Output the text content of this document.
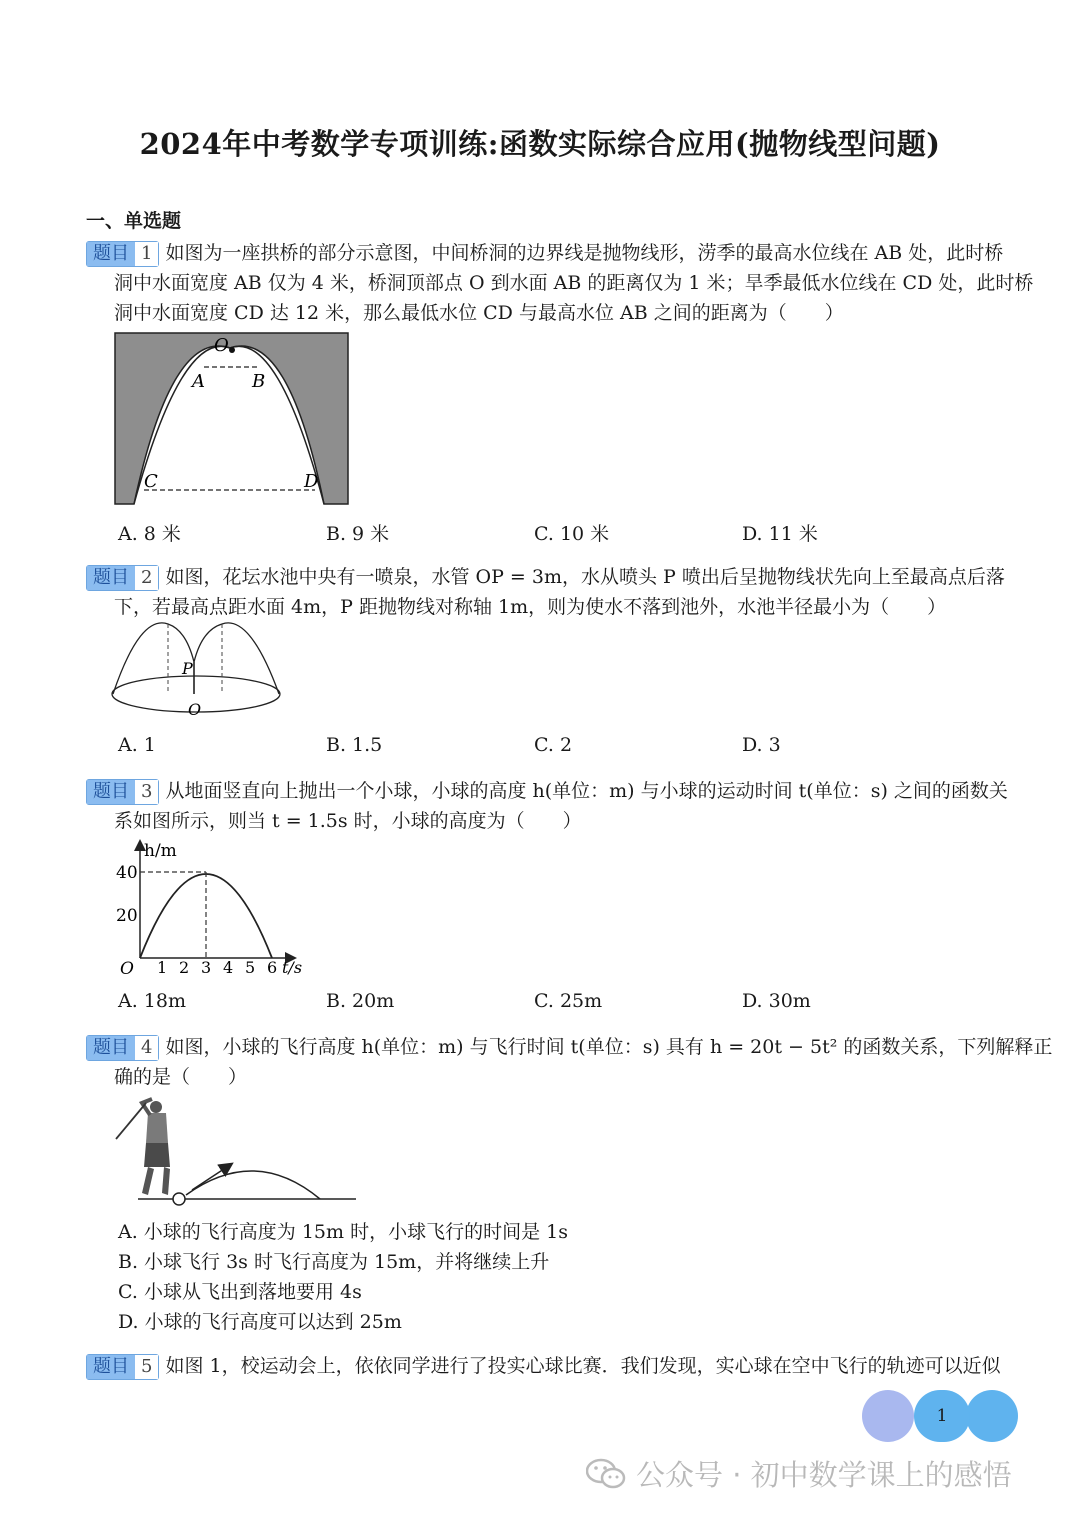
2024年中考数学专项训练:函数实际综合应用(抛物线型问题)
一、单选题
题目 1 如图为一座拱桥的部分示意图，中间桥洞的边界线是抛物线形，涝季的最高水位线在 AB 处，此时桥
洞中水面宽度 AB 仅为 4 米，桥洞顶部点 O 到水面 AB 的距离仅为 1 米；旱季最低水位线在 CD 处，此时桥
洞中水面宽度 CD 达 12 米，那么最低水位 CD 与最高水位 AB 之间的距离为（　　）
O
A	B
C	D
A. 8 米	B. 9 米	C. 10 米	D. 11 米
题目 2 如图，花坛水池中央有一喷泉，水管 OP = 3m，水从喷头 P 喷出后呈抛物线状先向上至最高点后落
下，若最高点距水面 4m，P 距抛物线对称轴 1m，则为使水不落到池外，水池半径最小为（　　）
P
O
A. 1	B. 1.5	C. 2	D. 3
题目 3 从地面竖直向上抛出一个小球，小球的高度 h(单位：m) 与小球的运动时间 t(单位：s) 之间的函数关
系如图所示，则当 t = 1.5s 时，小球的高度为（　　）
h/m
40
20
O 1 2 3 4 5 6 t/s
A. 18m	B. 20m	C. 25m	D. 30m
题目 4 如图，小球的飞行高度 h(单位：m) 与飞行时间 t(单位：s) 具有 h = 20t − 5t² 的函数关系，下列解释正
确的是（　　）
A. 小球的飞行高度为 15m 时，小球飞行的时间是 1s
B. 小球飞行 3s 时飞行高度为 15m，并将继续上升
C. 小球从飞出到落地要用 4s
D. 小球的飞行高度可以达到 25m
题目 5 如图 1，校运动会上，依依同学进行了投实心球比赛．我们发现，实心球在空中飞行的轨迹可以近似
1
公众号 · 初中数学课上的感悟
